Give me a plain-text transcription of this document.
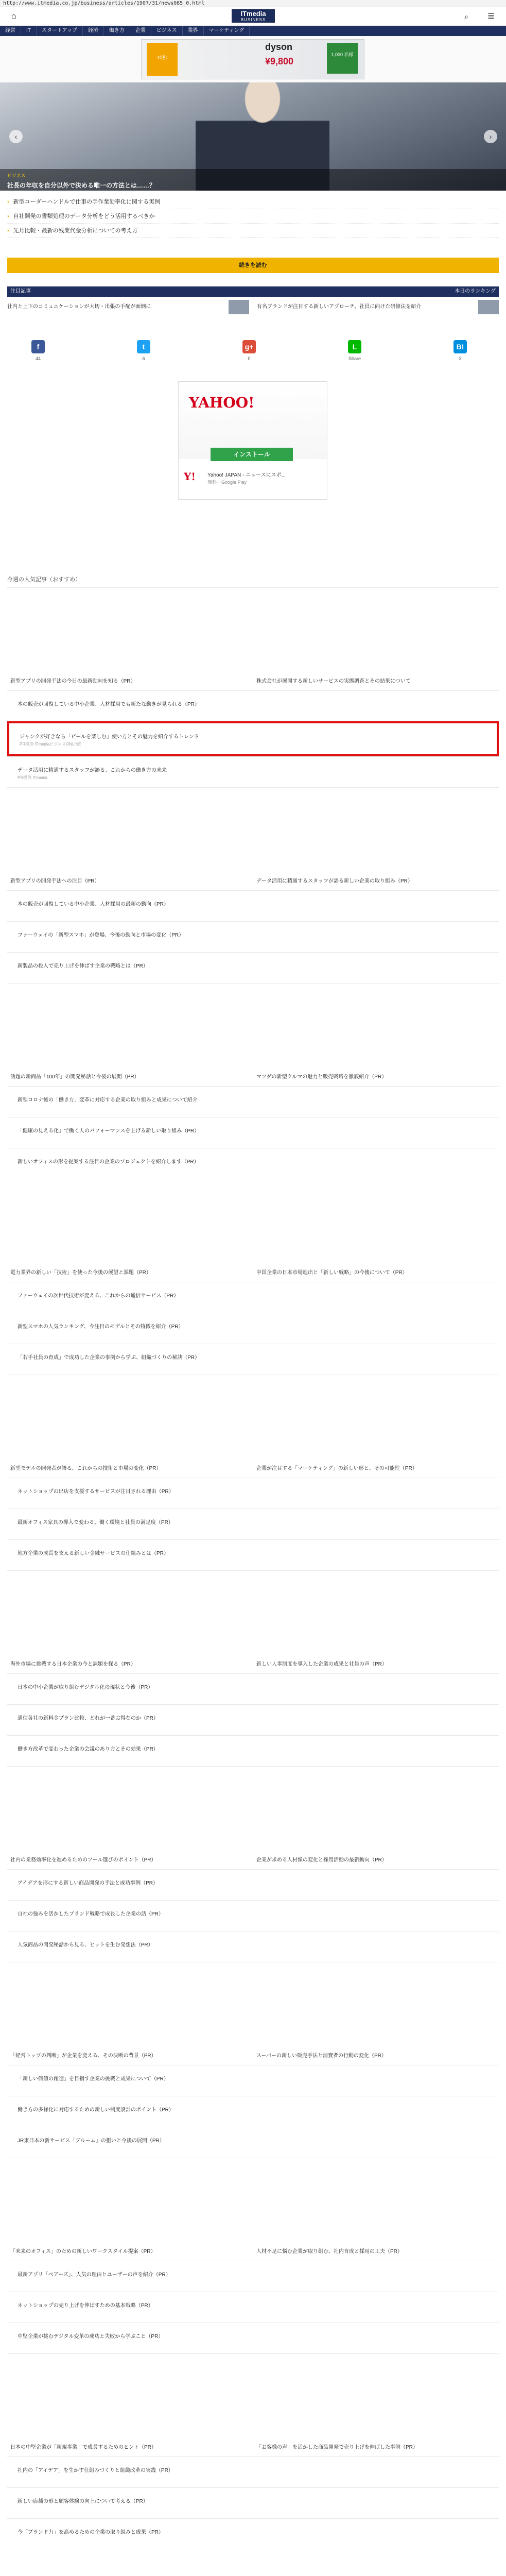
http://www.itmedia.co.jp/business/articles/1907/31/news085_0.html
⌂	ITmedia
BUSINESS	⌕ ☰
経営	IT	スタートアップ	経済	働き方	企業	ビジネス	業界	マーケティング
10秒
dyson
¥9,800
1,000 名様
‹	›
ビジネス
社長の年収を自分以外で決める唯一の方法とは……？
› 新型コーダーハンドルで仕事の手作業効率化に関する実例
› 自社開発の書類処理のデータ分析をどう活用するべきか
› 先月比較・最新の残業代金分析についての考え方
続きを読む
注目記事	本日のランキング
社内と上下のコミュニケーションが大切・出張の手配が面倒に	有名ブランドが注目する新しいアプローチ、社員に向けた研修法を紹介
f
44
t
6
g+
0
L
Share
B!
2
YAHOO!
インストール
Y! Yahoo! JAPAN - ニュースにスポ...
無料・Google Play
今週の人気記事（おすすめ）
新型アプリの開発手法の今日の最新動向を知る（PR）	株式会社が展開する新しいサービスの実態調査とその結果について
本の販売が回復している中小企業、人材採用でも新たな動きが見られる（PR）
ジャンクが好きなら「ビールを楽しむ」使い方とその魅力を紹介するトレンド
PR提供 ITmediaビジネスONLiNE
データ活用に精通するスタッフが語る、これからの働き方の未来
PR提供 ITmedia
新型アプリの開発手法への注目（PR）	データ活用に精通するスタッフが語る新しい企業の取り組み（PR）
本の販売が回復している中小企業、人材採用の最新の動向（PR）
ファーウェイの「新型スマホ」が登場、今後の動向と市場の変化（PR）
新製品の投入で売り上げを伸ばす企業の戦略とは（PR）
話題の新商品「100年」の開発秘話と今後の展開（PR）	マツダの新型クルマの魅力と販売戦略を徹底紹介（PR）
新型コロナ後の「働き方」変革に対応する企業の取り組みと成果について紹介
「健康の見える化」で働く人のパフォーマンスを上げる新しい取り組み（PR）
新しいオフィスの形を提案する注目の企業のプロジェクトを紹介します（PR）
電力業界の新しい「技術」を使った今後の展望と課題（PR）	中国企業の日本市場進出と「新しい戦略」の今後について（PR）
ファーウェイの次世代技術が変える、これからの通信サービス（PR）
新型スマホの人気ランキング、今注目のモデルとその特徴を紹介（PR）
「若手社員の育成」で成功した企業の事例から学ぶ、組織づくりの秘訣（PR）
新型モデルの開発者が語る、これからの技術と市場の変化（PR）	企業が注目する「マーケティング」の新しい形と、その可能性（PR）
ネットショップの出店を支援するサービスが注目される理由（PR）
最新オフィス家具の導入で変わる、働く環境と社員の満足度（PR）
地方企業の成長を支える新しい金融サービスの仕組みとは（PR）
海外市場に挑戦する日本企業の今と課題を探る（PR）	新しい人事制度を導入した企業の成果と社員の声（PR）
日本の中小企業が取り組むデジタル化の現状と今後（PR）
通信各社の新料金プラン比較、どれが一番お得なのか（PR）
働き方改革で変わった企業の会議のあり方とその効果（PR）
社内の業務効率化を進めるためのツール選びのポイント（PR）	企業が求める人材像の変化と採用活動の最新動向（PR）
アイデアを形にする新しい商品開発の手法と成功事例（PR）
自社の強みを活かしたブランド戦略で成長した企業の話（PR）
人気商品の開発秘話から見る、ヒットを生む発想法（PR）
「経営トップの判断」が企業を変える、その決断の背景（PR）	スーパーの新しい販売手法と消費者の行動の変化（PR）
「新しい価値の創造」を目指す企業の挑戦と成果について（PR）
働き方の多様化に対応するための新しい制度設計のポイント（PR）
JR東日本の新サービス「ブルーム」の狙いと今後の展開（PR）
「未来のオフィス」のための新しいワークスタイル提案（PR）	人材不足に悩む企業が取り組む、社内育成と採用の工夫（PR）
最新アプリ「ベアーズ」、人気の理由とユーザーの声を紹介（PR）
ネットショップの売り上げを伸ばすための基本戦略（PR）
中堅企業が挑むデジタル変革の成功と失敗から学ぶこと（PR）
日本の中堅企業が「新規事業」で成長するためのヒント（PR）	「お客様の声」を活かした商品開発で売り上げを伸ばした事例（PR）
社内の「アイデア」を生かす仕組みづくりと組織改革の実践（PR）
新しい店舗の形と顧客体験の向上について考える（PR）
今「ブランド力」を高めるための企業の取り組みと成果（PR）
